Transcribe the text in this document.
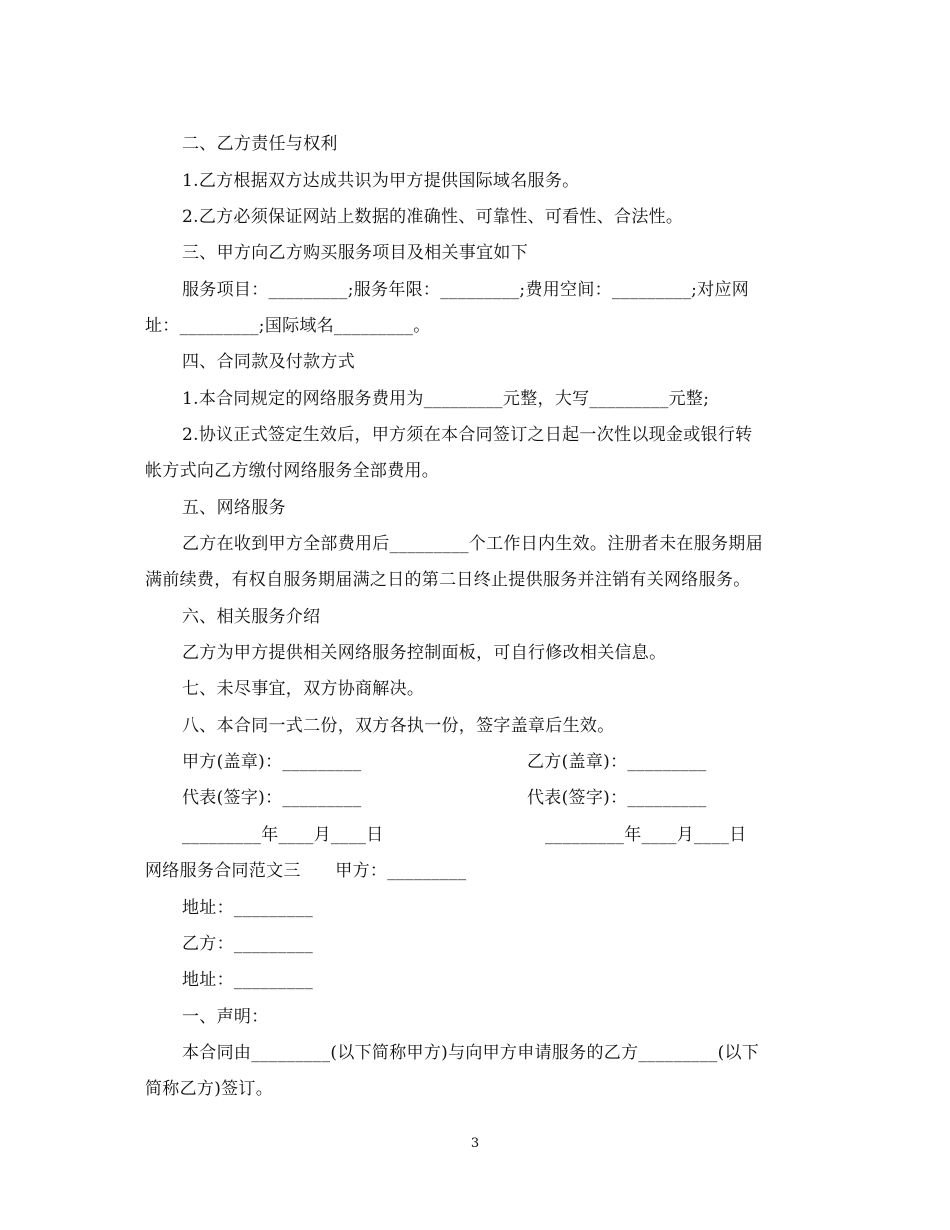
二、乙方责任与权利
1.乙方根据双方达成共识为甲方提供国际域名服务。
2.乙方必须保证网站上数据的准确性、可靠性、可看性、合法性。
三、甲方向乙方购买服务项目及相关事宜如下
服务项目：_________;服务年限：_________;费用空间：_________;对应网
址：_________;国际域名_________。
四、合同款及付款方式
1.本合同规定的网络服务费用为_________元整，大写_________元整;
2.协议正式签定生效后，甲方须在本合同签订之日起一次性以现金或银行转
帐方式向乙方缴付网络服务全部费用。
五、网络服务
乙方在收到甲方全部费用后_________个工作日内生效。注册者未在服务期届
满前续费，有权自服务期届满之日的第二日终止提供服务并注销有关网络服务。
六、相关服务介绍
乙方为甲方提供相关网络服务控制面板，可自行修改相关信息。
七、未尽事宜，双方协商解决。
八、本合同一式二份，双方各执一份，签字盖章后生效。
甲方(盖章)：_________	乙方(盖章)：_________
代表(签字)：_________	代表(签字)：_________
_________年____月____日	_________年____月____日
网络服务合同范文三　　甲方：_________
地址：_________
乙方：_________
地址：_________
一、声明：
本合同由_________(以下简称甲方)与向甲方申请服务的乙方_________(以下
简称乙方)签订。
3
